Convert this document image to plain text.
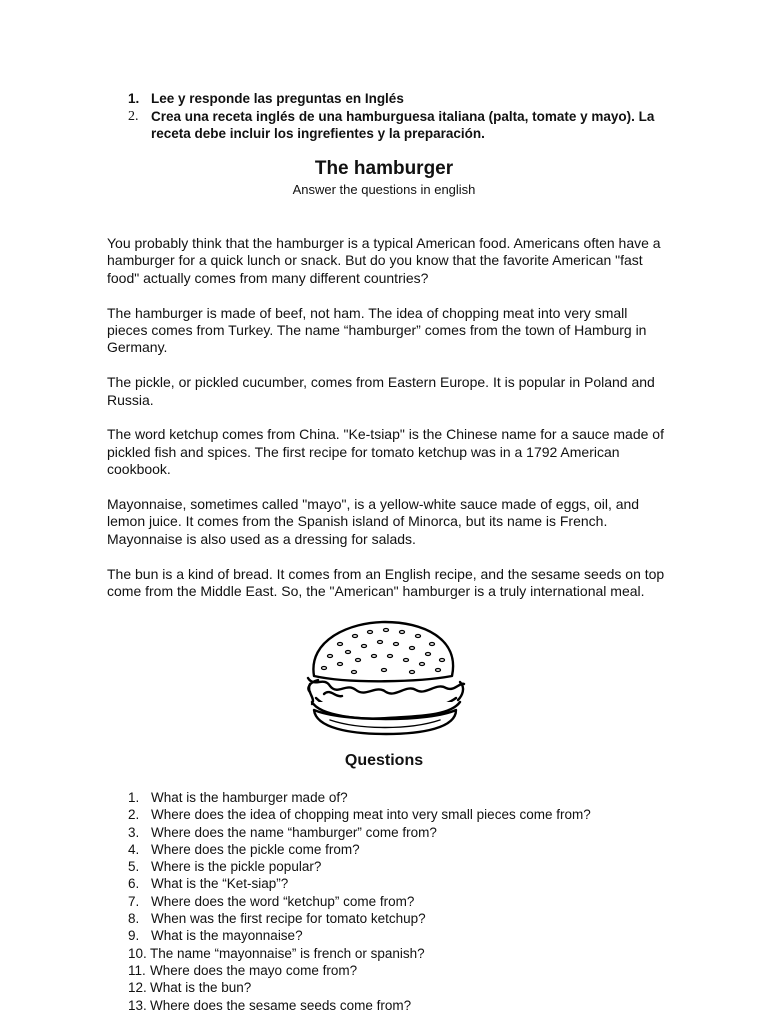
1. Lee y responde las preguntas en Inglés
2. Crea una receta inglés de una hamburguesa italiana (palta, tomate y mayo). La receta debe incluir los ingrefientes y la preparación.
The hamburger
Answer the questions in english

You probably think that the hamburger is a typical American food. Americans often have a hamburger for a quick lunch or snack. But do you know that the favorite American "fast food" actually comes from many different countries?

The hamburger is made of beef, not ham. The idea of chopping meat into very small pieces comes from Turkey. The name “hamburger” comes from the town of Hamburg in Germany.

The pickle, or pickled cucumber, comes from Eastern Europe. It is popular in Poland and Russia.

The word ketchup comes from China. "Ke-tsiap" is the Chinese name for a sauce made of pickled fish and spices. The first recipe for tomato ketchup was in a 1792 American cookbook.

Mayonnaise, sometimes called "mayo", is a yellow-white sauce made of eggs, oil, and lemon juice. It comes from the Spanish island of Minorca, but its name is French. Mayonnaise is also used as a dressing for salads.

The bun is a kind of bread. It comes from an English recipe, and the sesame seeds on top come from the Middle East. So, the "American" hamburger is a truly international meal.

Questions
1. What is the hamburger made of?
2. Where does the idea of chopping meat into very small pieces come from?
3. Where does the name “hamburger” come from?
4. Where does the pickle come from?
5. Where is the pickle popular?
6. What is the “Ket-siap”?
7. Where does the word “ketchup” come from?
8. When was the first recipe for tomato ketchup?
9. What is the mayonnaise?
10. The name “mayonnaise” is french or spanish?
11. Where does the mayo come from?
12. What is the bun?
13. Where does the sesame seeds come from?
